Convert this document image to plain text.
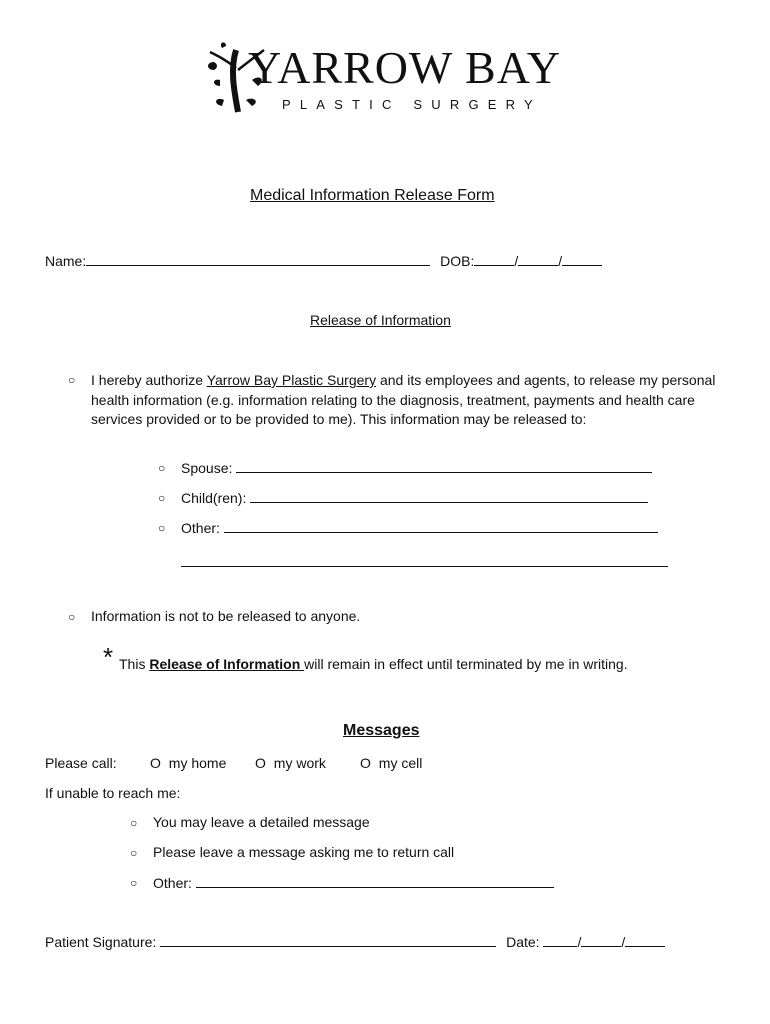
YARROW BAY
PLASTIC SURGERY
Medical Information Release Form
Name:	DOB:	/	/
Release of Information
○ I hereby authorize Yarrow Bay Plastic Surgery and its employees and agents, to release my personal health information (e.g. information relating to the diagnosis, treatment, payments and health care services provided or to be provided to me). This information may be released to:
○ Spouse:
○ Child(ren):
○ Other:
○ Information is not to be released to anyone.
* This Release of Information will remain in effect until terminated by me in writing.
Messages
Please call: O my home O my work O my cell
If unable to reach me:
○ You may leave a detailed message
○ Please leave a message asking me to return call
○ Other:
Patient Signature:	Date:	/	/
